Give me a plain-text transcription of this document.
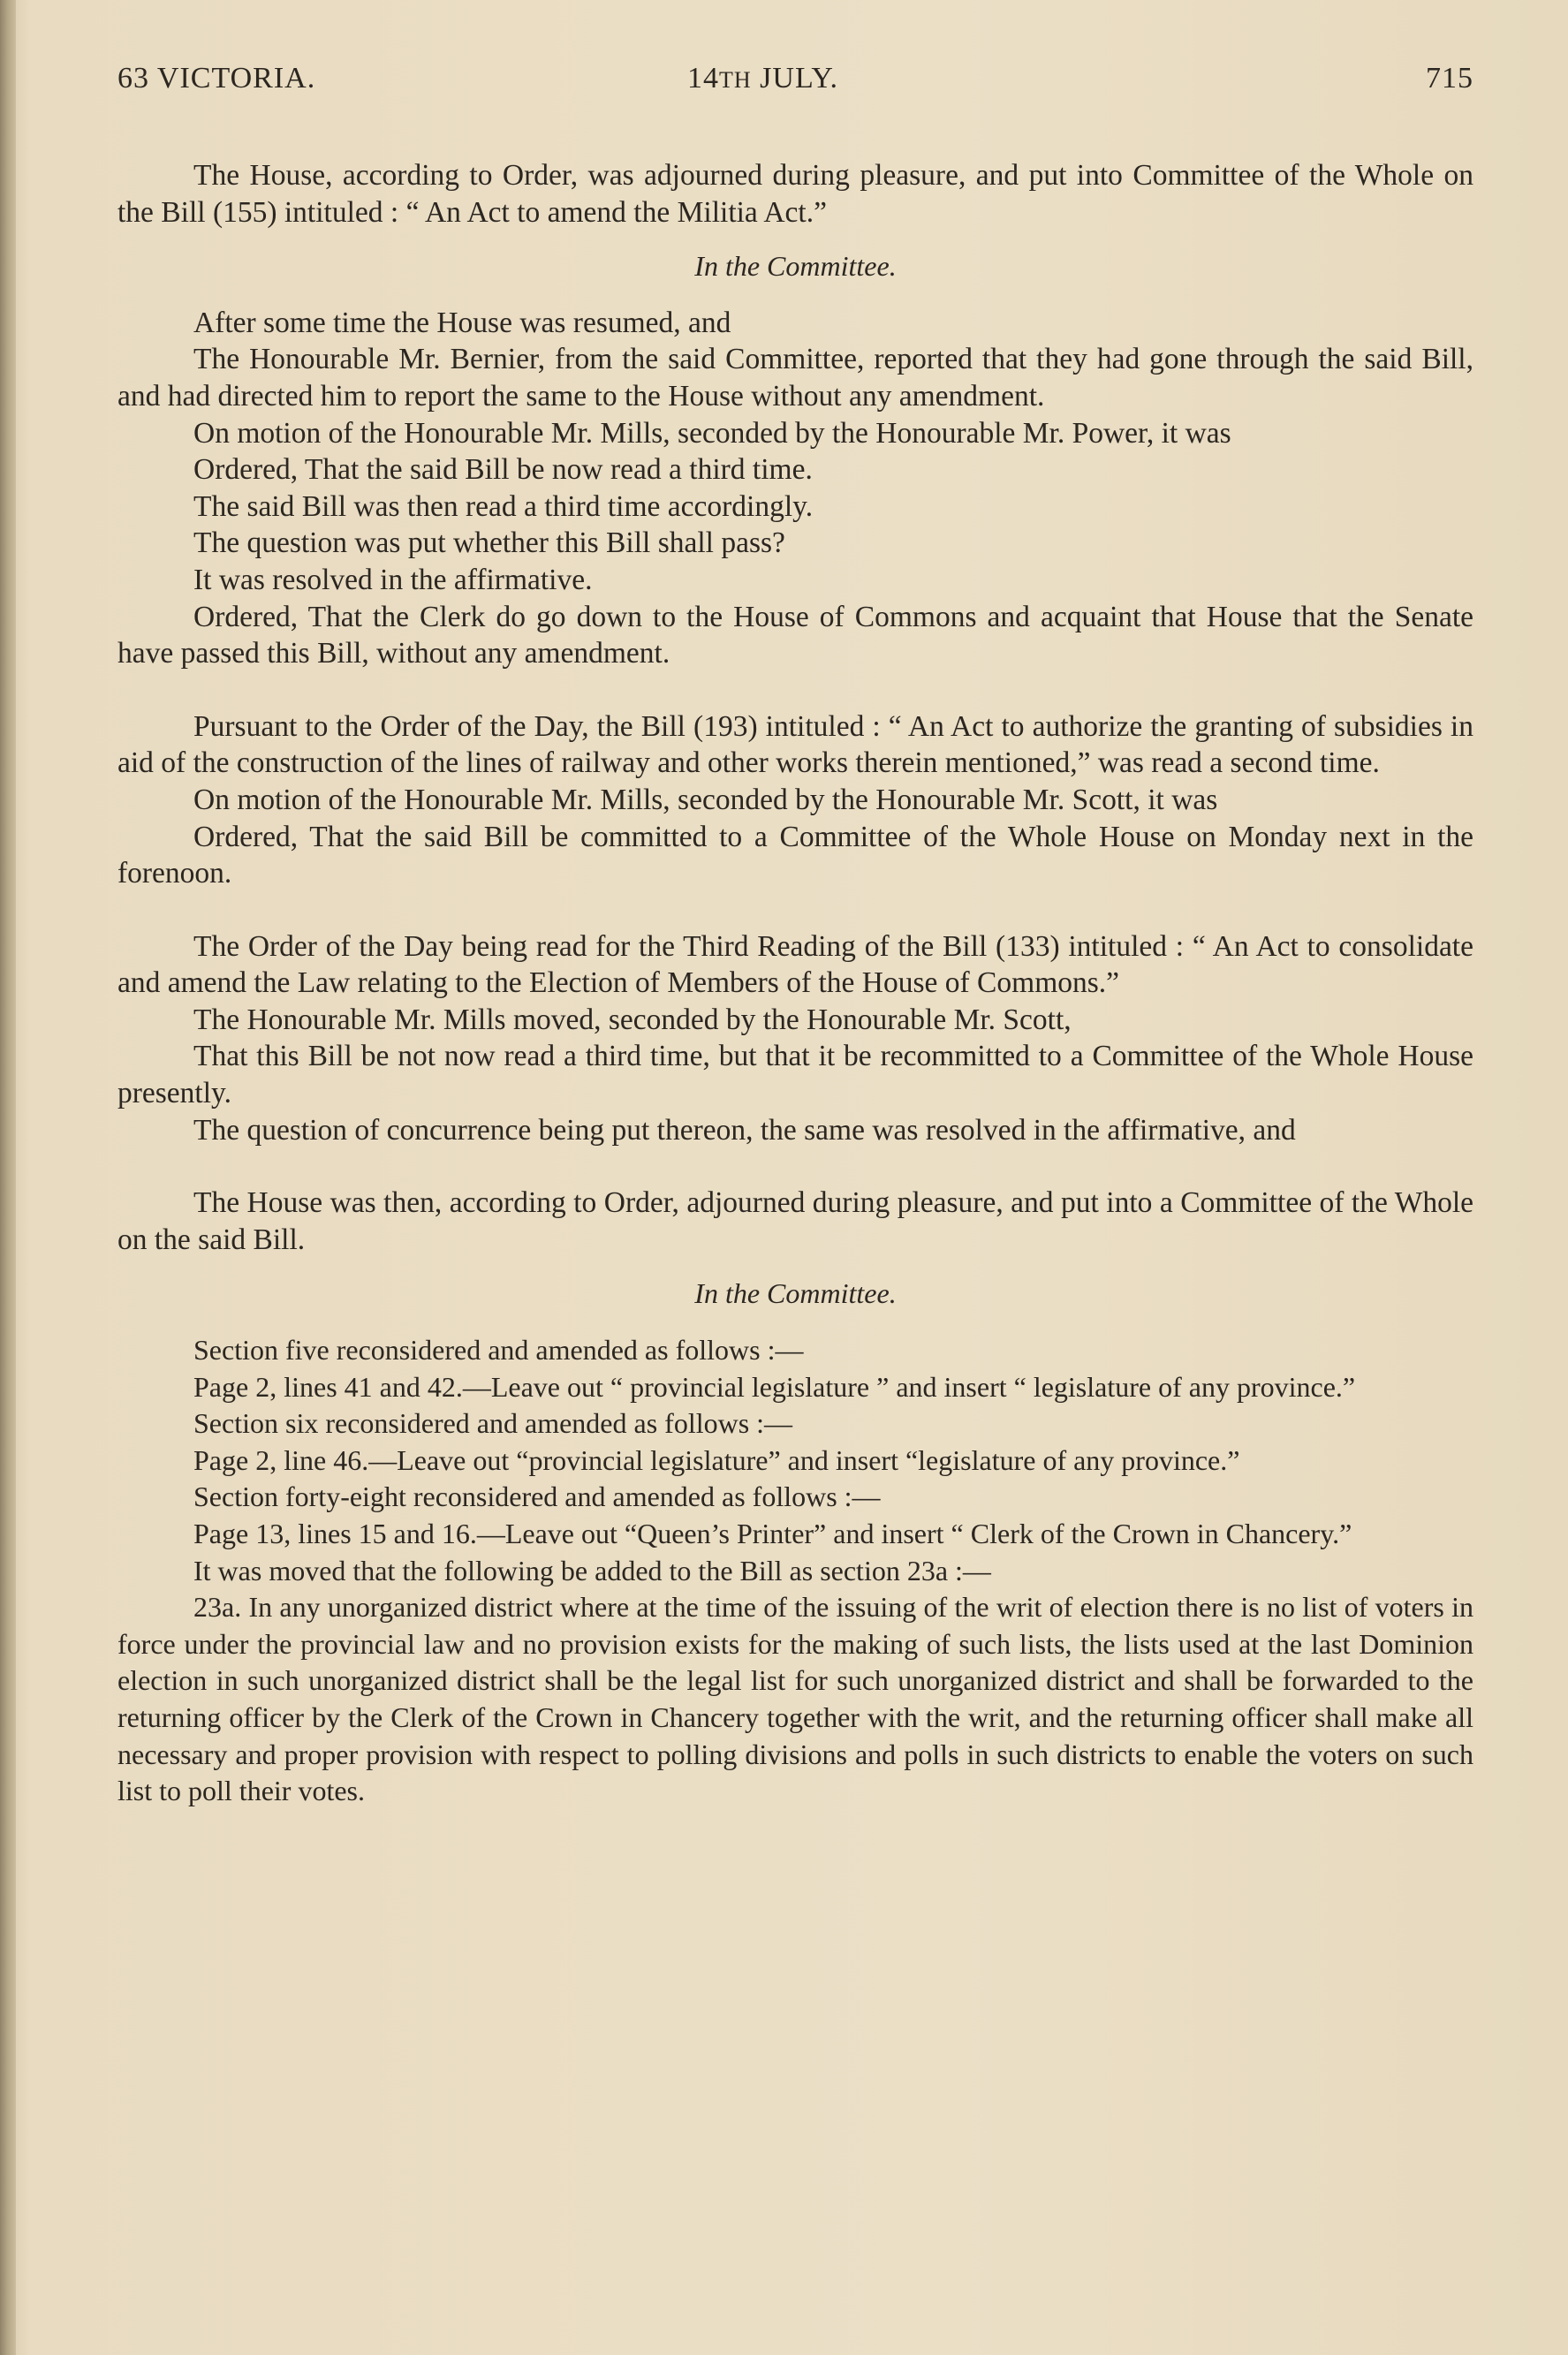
63 VICTORIA.	14TH JULY.	715

The House, according to Order, was adjourned during pleasure, and put into Committee of the Whole on the Bill (155) intituled : “ An Act to amend the Militia Act.”

In the Committee.

After some time the House was resumed, and

The Honourable Mr. Bernier, from the said Committee, reported that they had gone through the said Bill, and had directed him to report the same to the House without any amendment.

On motion of the Honourable Mr. Mills, seconded by the Honourable Mr. Power, it was

Ordered, That the said Bill be now read a third time.

The said Bill was then read a third time accordingly.

The question was put whether this Bill shall pass?

It was resolved in the affirmative.

Ordered, That the Clerk do go down to the House of Commons and acquaint that House that the Senate have passed this Bill, without any amendment.

Pursuant to the Order of the Day, the Bill (193) intituled : “ An Act to authorize the granting of subsidies in aid of the construction of the lines of railway and other works therein mentioned,” was read a second time.

On motion of the Honourable Mr. Mills, seconded by the Honourable Mr. Scott, it was

Ordered, That the said Bill be committed to a Committee of the Whole House on Monday next in the forenoon.

The Order of the Day being read for the Third Reading of the Bill (133) intituled : “ An Act to consolidate and amend the Law relating to the Election of Members of the House of Commons.”

The Honourable Mr. Mills moved, seconded by the Honourable Mr. Scott,

That this Bill be not now read a third time, but that it be recommitted to a Committee of the Whole House presently.

The question of concurrence being put thereon, the same was resolved in the affirmative, and

The House was then, according to Order, adjourned during pleasure, and put into a Committee of the Whole on the said Bill.

In the Committee.

Section five reconsidered and amended as follows :—

Page 2, lines 41 and 42.—Leave out “ provincial legislature ” and insert “ legislature of any province.”

Section six reconsidered and amended as follows :—

Page 2, line 46.—Leave out “provincial legislature” and insert “legislature of any province.”

Section forty-eight reconsidered and amended as follows :—

Page 13, lines 15 and 16.—Leave out “Queen’s Printer” and insert “ Clerk of the Crown in Chancery.”

It was moved that the following be added to the Bill as section 23a :—

23a. In any unorganized district where at the time of the issuing of the writ of election there is no list of voters in force under the provincial law and no provision exists for the making of such lists, the lists used at the last Dominion election in such unorganized district shall be the legal list for such unorganized district and shall be forwarded to the returning officer by the Clerk of the Crown in Chancery together with the writ, and the returning officer shall make all necessary and proper provision with respect to polling divisions and polls in such districts to enable the voters on such list to poll their votes.
